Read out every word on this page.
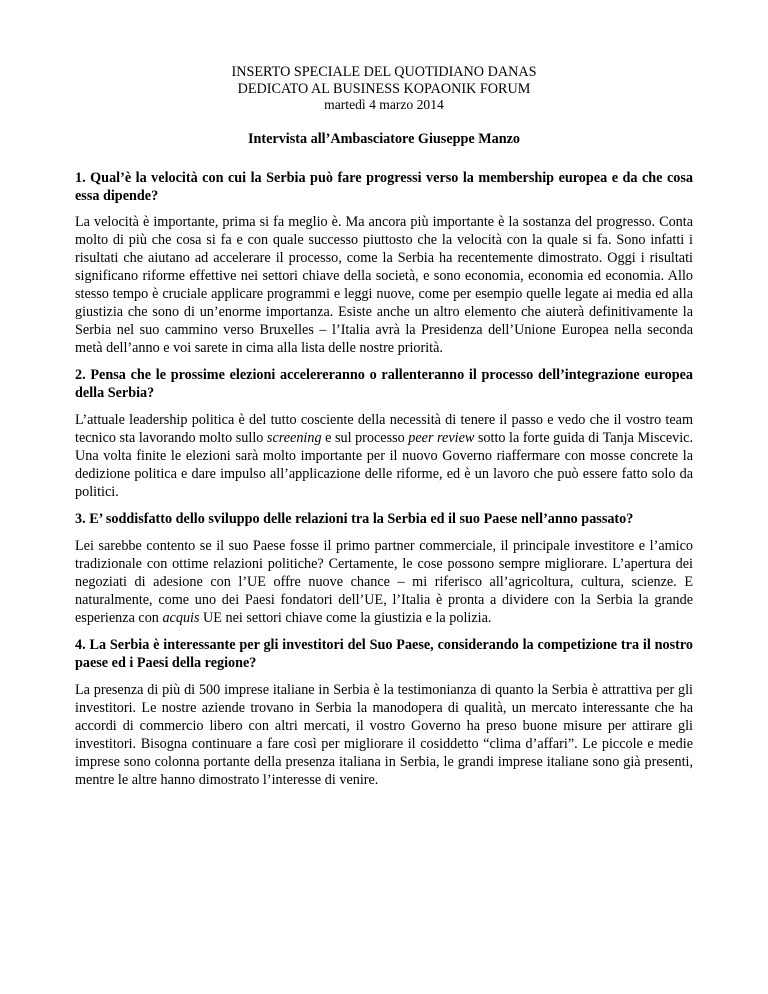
INSERTO SPECIALE DEL QUOTIDIANO DANAS
DEDICATO AL BUSINESS KOPAONIK FORUM
martedì 4 marzo 2014

Intervista all’Ambasciatore Giuseppe Manzo

1. Qual’è la velocità con cui la Serbia può fare progressi verso la membership europea e da che cosa essa dipende?

La velocità è importante, prima si fa meglio è. Ma ancora più importante è la sostanza del progresso. Conta molto di più che cosa si fa e con quale successo piuttosto che la velocità con la quale si fa. Sono infatti i risultati che aiutano ad accelerare il processo, come la Serbia ha recentemente dimostrato. Oggi i risultati significano riforme effettive nei settori chiave della società, e sono economia, economia ed economia. Allo stesso tempo è cruciale applicare programmi e leggi nuove, come per esempio quelle legate ai media ed alla giustizia che sono di un’enorme importanza. Esiste anche un altro elemento che aiuterà definitivamente la Serbia nel suo cammino verso Bruxelles – l’Italia avrà la Presidenza dell’Unione Europea nella seconda metà dell’anno e voi sarete in cima alla lista delle nostre priorità.

2. Pensa che le prossime elezioni accelereranno o rallenteranno il processo dell’integrazione europea della Serbia?

L’attuale leadership politica è del tutto cosciente della necessità di tenere il passo e vedo che il vostro team tecnico sta lavorando molto sullo screening e sul processo peer review sotto la forte guida di Tanja Miscevic. Una volta finite le elezioni sarà molto importante per il nuovo Governo riaffermare con mosse concrete la dedizione politica e dare impulso all’applicazione delle riforme, ed è un lavoro che può essere fatto solo da politici.

3. E’ soddisfatto dello sviluppo delle relazioni tra la Serbia ed il suo Paese nell’anno passato?

Lei sarebbe contento se il suo Paese fosse il primo partner commerciale, il principale investitore e l’amico tradizionale con ottime relazioni politiche? Certamente, le cose possono sempre migliorare. L’apertura dei negoziati di adesione con l’UE offre nuove chance – mi riferisco all’agricoltura, cultura, scienze. E naturalmente, come uno dei Paesi fondatori dell’UE, l’Italia è pronta a dividere con la Serbia la grande esperienza con acquis UE nei settori chiave come la giustizia e la polizia.

4. La Serbia è interessante per gli investitori del Suo Paese, considerando la competizione tra il nostro paese ed i Paesi della regione?

La presenza di più di 500 imprese italiane in Serbia è la testimonianza di quanto la Serbia è attrattiva per gli investitori. Le nostre aziende trovano in Serbia la manodopera di qualità, un mercato interessante che ha accordi di commercio libero con altri mercati, il vostro Governo ha preso buone misure per attirare gli investitori. Bisogna continuare a fare così per migliorare il cosiddetto “clima d’affari”. Le piccole e medie imprese sono colonna portante della presenza italiana in Serbia, le grandi imprese italiane sono già presenti, mentre le altre hanno dimostrato l’interesse di venire.
